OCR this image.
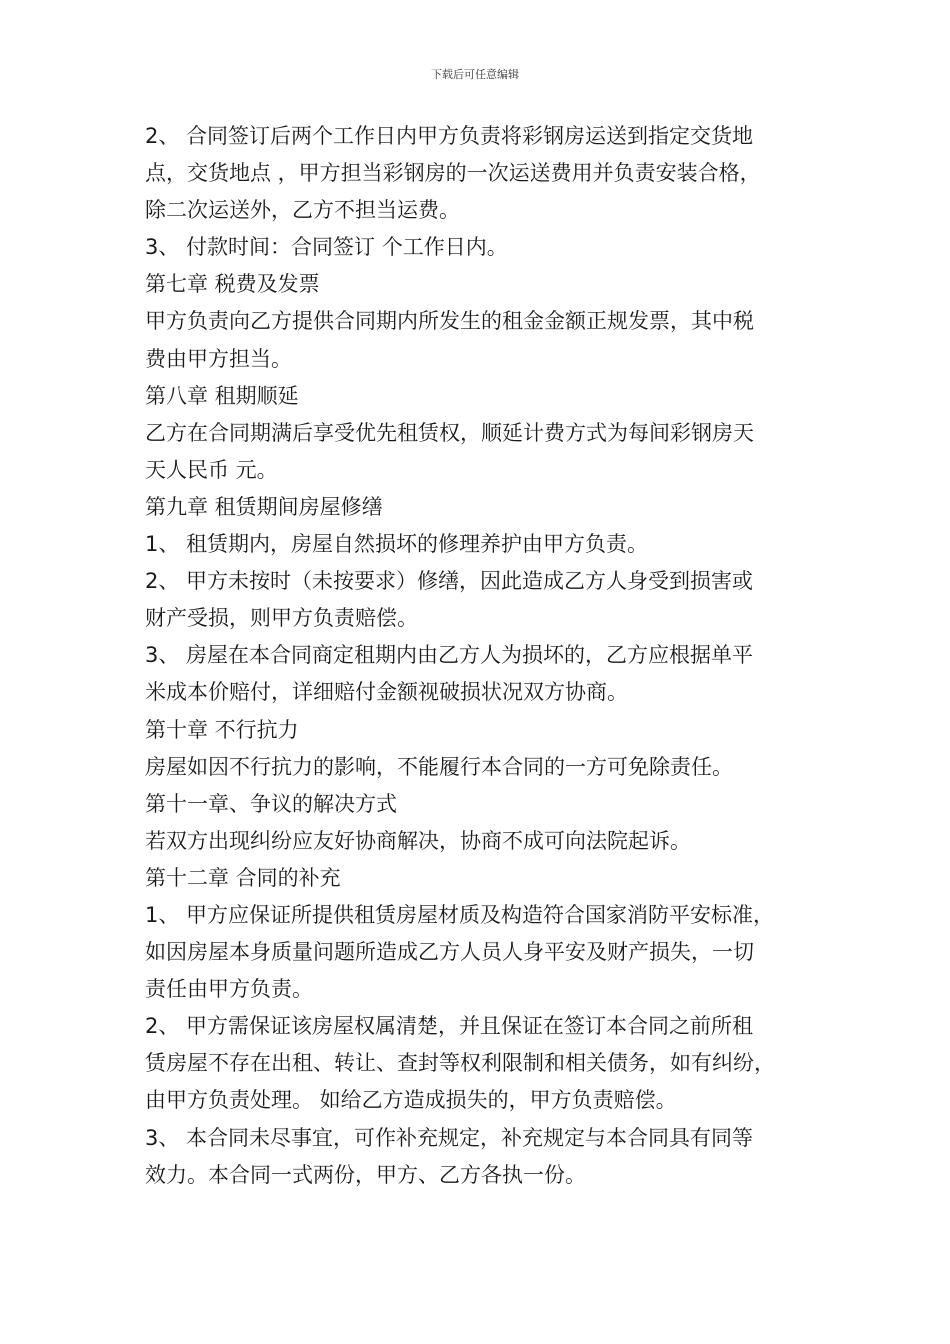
下载后可任意编辑

2、 合同签订后两个工作日内甲方负责将彩钢房运送到指定交货地

点，交货地点 ，甲方担当彩钢房的一次运送费用并负责安装合格，

除二次运送外，乙方不担当运费。

3、 付款时间：合同签订 个工作日内。

第七章 税费及发票

甲方负责向乙方提供合同期内所发生的租金金额正规发票，其中税

费由甲方担当。

第八章 租期顺延

乙方在合同期满后享受优先租赁权，顺延计费方式为每间彩钢房天

天人民币 元。

第九章 租赁期间房屋修缮

1、 租赁期内，房屋自然损坏的修理养护由甲方负责。

2、 甲方未按时（未按要求）修缮，因此造成乙方人身受到损害或

财产受损，则甲方负责赔偿。

3、 房屋在本合同商定租期内由乙方人为损坏的，乙方应根据单平

米成本价赔付，详细赔付金额视破损状况双方协商。

第十章 不行抗力

房屋如因不行抗力的影响，不能履行本合同的一方可免除责任。

第十一章、争议的解决方式

若双方出现纠纷应友好协商解决，协商不成可向法院起诉。

第十二章 合同的补充

1、 甲方应保证所提供租赁房屋材质及构造符合国家消防平安标准，

如因房屋本身质量问题所造成乙方人员人身平安及财产损失，一切

责任由甲方负责。

2、 甲方需保证该房屋权属清楚，并且保证在签订本合同之前所租

赁房屋不存在出租、转让、查封等权利限制和相关债务，如有纠纷，

由甲方负责处理。 如给乙方造成损失的，甲方负责赔偿。

3、 本合同未尽事宜，可作补充规定，补充规定与本合同具有同等

效力。本合同一式两份，甲方、乙方各执一份。
